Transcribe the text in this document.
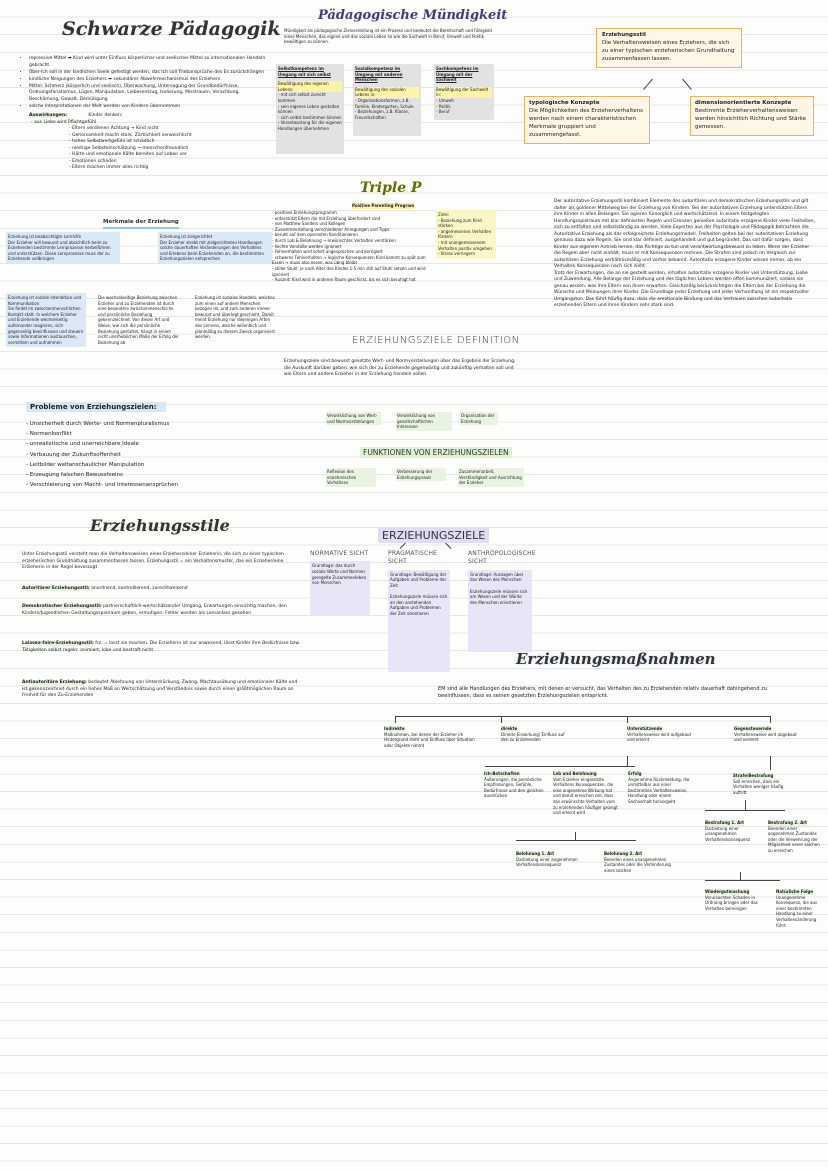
Schwarze Pädagogik
• repressive Mittel ➡ Kind wird unter Einfluss körperlicher und seelischer Mittel zu internationalen Handeln gebracht
• Über-Ich soll in der kindlichen Seele gefestigt werden, das Ich soll Triebansprüche des Es zurückdrängen
• kindliche Neigungen des Erziehers ➡ sekundärer Abwehrmechanismus des Erziehers
• Mittel: Schmerz (körperlich und seelisch), Überwachung, Untersagung der Grundbedürfnisse, Ordnungsfanatismus, Lügen, Manipulation, Liebesentzug, Isolierung, Misstrauen, Verachtung, Beschämung, Gewalt, Demütigung
• solche Interpretationen der Welt werden von Kindern übernommen
Auswirkungen:	Kinder denken:
- aus Liebe wird Pflichtgefühl
- Eltern verdienen Achtung → Kind nicht
- Gehorsamkeit macht stark, Zärtlichkeit verweichlicht
- hohes Selbstwertgefühl ist schädlich
- niedrige Selbsteinschätzung → menschenfreundlich
- Härte und emotionale Kälte bereiten auf Leben vor
- Emotionen schaden
- Eltern machen immer alles richtig
Merkmale der Erziehung
Erziehung ist beabsichtigte Lernhilfe
Der Erzieher will bewusst und absichtlich beim zu Erziehenden bestimmte Lernprozesse herbeiführen und unterstützen. Diese Lernprozesse muss der zu Erziehende vollbringen
Erziehung ist zielgerichtet
Der Erzieher strebt mit zielgerichteten Handlungen solche dauerhaften Veränderungen des Verhaltens und Erlebens beim Erziehenden an, die bestimmten Erziehungszielen entsprechen
Erziehung ist soziale Interaktion und Kommunikation
Sie findet im zwischenmenschlichen Kontakt statt. In welchem Erzieher und Erziehende wechselseitig aufeinander reagieren, sich gegenseitig beeinflussen und steuern sowie Informationen austauschen, vermitteln und aufnehmen
Die wechselseitige Beziehung zwischen Erzieher und zu Erziehenden ist durch eine besondere zwischenmenschliche und persönliche Beziehung gekennzeichnet. Von dieser Art und Weise, wie sich die persönliche Beziehung gestaltet, hängt in einem nicht unerheblichen Maße der Erfolg der Beziehung ab
Erziehung ist soziales Handeln, welches zum einen auf andere Menschen bezogen ist, und zum anderen immer bewusst und überlegt geschieht. Damit meint Erziehung nur diejenigen Arten des Lernens, welche willentlich und planmäßig zu diesem Zweck organisiert werden.
Pädagogische Mündigkeit
Mündigkeit als pädagogische Zielvorstellung ist ein Prozess und bedeutet die Bereitschaft und Fähigkeit eines Menschen, das eigene und das soziale Leben so wie die Sachwelt in Beruf, Umwelt und Politik bewältigen zu können.
Selbstkompetenz im Umgang mit sich selbst
Bewältigung des eigenen Lebens:
- mit sich selbst zurecht kommen
- sein eigenes Leben gestalten können
- sich selbst bestimmen können
- Verantwortung für die eigenen Handlungen übernehmen
Sozialkompetenz im Umgang mit anderen Menschen
Bewältigung des sozialen Lebens in:
- Organisationsformen, z.B. Familie, Kindergarten, Schule
- Beziehungen, z.B. Klasse, Freundschaften
Sachkompetenz im Umgang mit der Sachwelt
Bewältigung der Sachwelt in:
- Umwelt
- Politik
- Beruf
Erziehungsstil
Die Verhaltensweisen eines Erziehers, die sich zu einer typischen erzieherischen Grundhaltung zusammenfassen lassen.
typologische Konzepte
Die Möglichkeiten des Erzieherverhaltens werden nach einem charakteristischen Merkmale gruppiert und zusammengefasst.
dimensionorientierte Konzepte
Bestimmte Erzieherverhaltensweisen werden hinsichtlich Richtung und Stärke gemessen.
Triple P
Positive Parenting Program
- positives Erziehungsprogramm
- unterstützt Eltern die mit Erziehung überfordert sind
- von Matthew Sanders und Kollegen
- Zusammenstellung verschiedener Anregungen und Tipps
- beruht auf dem operanten Konditionieren
- durch Lob & Belohnung → erwünschtes Verhalten verstärken
- leichte Verstöße werden ignoriert
- Fehlverhalten wird sofort angesprochen und korrigiert
- schweres Fehlverhalten → logische Konsequenzen Kind kommt zu spät zum Essen → muss also essen, was übrig bleibt
- stiller Stuhl: je nach Alter des Kindes 1-5 min still auf Stuhl setzen und wird ignoriert
- Auszeit: Kind wird in anderen Raum geschickt, bis es sich beruhigt hat
Ziele:
- Beziehung zum Kind stärken
- angemessenes Verhalten fördern
- mit unangemessenem Verhalten positiv umgehen
- Stress verringern
Der autoritative Erziehungsstil kombiniert Elemente des autoritären und demokratischen Erziehungsstils und gilt daher als goldener Mittelweg bei der Erziehung von Kindern. Bei der autoritativen Erziehung unterstützen Eltern ihre Kinder in allen Belangen. Sie agieren fürsorglich und wertschätzend. In einem festgelegten Handlungsspielraum mit klar definierten Regeln und Grenzen genießen autoritativ erzogene Kinder viele Freiheiten, sich zu entfalten und selbstständig zu werden. Viele Experten aus der Psychologie und Pädagogik betrachten die Autoritative Erziehung als das erfolgreichste Erziehungsmodell. Freiheiten gelten bei der autoritativen Erziehung genauso dazu wie Regeln. Sie sind klar definiert, ausgehandelt und gut begründet. Das soll dafür sorgen, dass Kinder aus eigenem Antrieb lernen, das Richtige zu tun und verantwortungsbewusst zu leben. Wenn der Erzieher die Regeln aber nicht einhält, muss er mit Konsequenzen rechnen. Die Strafen sind jedoch im Vergleich zur autoritären Erziehung verhältnismäßig und vorher bekannt. Autoritativ erzogene Kinder wissen immer, ob ein Verhalten Konsequenzen nach sich zieht.
Trotz der Erwartungen, die an sie gestellt werden, erhalten autoritativ erzogene Kinder viel Unterstützung, Liebe und Zuwendung. Alle Belange der Erziehung und des täglichen Lebens werden offen kommuniziert, sodass sie genau wissen, was ihre Eltern von ihnen erwarten. Gleichzeitig berücksichtigen die Eltern bei der Erziehung die Wünsche und Meinungen ihrer Kinder. Die Grundlage jeder Erziehung und jeder Verhandlung ist ein respektvoller Umgangston. Das führt häufig dazu, dass die emotionale Bindung und das Vertrauen zwischen autoritativ erziehenden Eltern und ihren Kindern sehr stark sind.
ERZIEHUNGSZIELE DEFINITION
Erziehungsziele sind bewusst gesetzte Wert- und Normvorstellungen über das Ergebnis der Erziehung, die Auskunft darüber geben, wie sich der zu Erziehende gegenwärtig und zukünftig verhalten soll und wie Eltern und andere Erzieher in der Erziehung handeln sollen.
Probleme von Erziehungszielen:
- Unsicherheit durch Werte- und Normenpluralismus
- Normenkonflikt
- unrealistische und unerreichbare Ideale
- Verbauung der Zukunftsoffenheit
- Leitbilder weltanschaulicher Manipulation
- Erzeugung falschen Bewusstseins
- Verschleierung von Macht- und Interessenansprüchen
Verwirklichung von Wert- und Normvorstellungen
Verwirklichung von gesellschaftlichen Interessen
Organisation der Erziehung
FUNKTIONEN VON ERZIEHUNGSZIELEN
Reflexion des erzieherischen Verhaltens
Verbesserung der Erziehungspraxis
Zusammenarbeit, Verständigkeit und Ausrichtung der Erzieher
Erziehungsstile
Unter Erziehungsstil versteht man die Verhaltensweisen eines Erziehers/einer Erzieherin, die sich zu einer typischen erzieherischen Grundhaltung zusammenfassen lassen. Erziehungsstil = ein Verhaltensmuster, das ein Erzieher/eine Erzieherin in der Regel bevorzugt
Autoritärer Erziehungsstil: anordnend, kontrollierend, zurechtweisend
Demokratischer Erziehungsstil: partnerschaftlich-wertschätzender Umgang, Erwartungen einsichtig machen, den Kindern/Jugendlichen Gestaltungsspielraum geben, ermutigen; Fehler werden als Lernanlass gesehen
Laissez-faire-Erziehungsstil: frz. = lasst sie machen. Die Erzieherin ist nur anwesend, lässt Kinder ihre Bedürfnisse bzw. Tätigkeiten selbst regeln: animiert, lobe und bestraft nicht
Antiautoritäre Erziehung: bedeutet Ablehnung von Unterdrückung, Zwang, Machtausübung und emotionaler Kälte und ist gekennzeichnet durch ein hohes Maß an Wertschätzung und Verständnis sowie durch einen größtmöglichen Raum an Freiheit für den Zu-Erziehenden
ERZIEHUNGSZIELE
NORMATIVE SICHT
Grundlage: das durch soziale Werte und Normen geregelte Zusammenleben von Menschen
PRAGMATISCHE SICHT
Grundlage: Bewältigung der Aufgaben und Probleme der Zeit

Erziehungsziele müssen sich an den anstehenden Aufgaben und Problemen der Zeit orientieren
ANTHROPOLOGISCHE SICHT
Grundlage: Aussagen über das Wesen des Menschen

Erziehungsziele müssen sich am Wesen und der Würde des Menschen orientieren
Erziehungsmaßnahmen
EM sind alle Handlungen des Erziehers, mit denen er versucht, das Verhalten des zu Erziehenden relativ dauerhaft dahingehend zu beeinflussen, dass es seinen gesetzten Erziehungszielen entspricht.
Indirekte
Maßnahmen, bei denen der Erzieher im Hintergrund steht und Einfluss über Situation oder Objekte nimmt
direkte
Direkte Einwirkung/ Einfluss auf den zu Erziehenden
Unterstützende
Verhaltensweise wird aufgebaut und erlernt
Gegensteuernde
Verhaltensweise wird abgebaut und verlernt
Ich-Botschaften
Äußerungen, die persönliche Empfindungen, Gefühle, Bedürfnisse und den gleichen ausdrücken
Lob und Belohnung
Vom Erzieher eingesetzte Verhaltens Konsequenzen, die eine angenehme Wirkung hat und damit erreichen soll, dass das erwünschte Verhalten vom zu erziehenden häufiger gezeigt und erlernt wird
Erfolg
Angenehme Rückmeldung, die unmittelbar aus einer bestimmten Verhaltensweise, Handlung oder einem Sachverhalt hervorgeht
Strafe/Bestrafung
Soll erreichen, dass ein Verhalten weniger häufig auftritt
Belohnung 1. Art
Darbietung einer angenehmen Verhaltenskonsequenz
Belohnung 2. Art
Beenden eines unangenehmen Zustandes oder die Verhinderung eines solchen
Bestrafung 1. Art
Darbietung einer unangenehmen Verhaltenskonsequenz
Bestrafung 2. Art
Beenden einer angenehmen Zustandes oder die Verwehrung der Möglichkeit einen solchen zu erreichen
Wiedergutmachung
Verursachten Schaden in Ordnung bringen oder das Verhalten bereinigen
Natürliche Folge
Unangenehme Konsequenz, die aus einer bestimmten Handlung zu einer Verhaltensänderung führt
